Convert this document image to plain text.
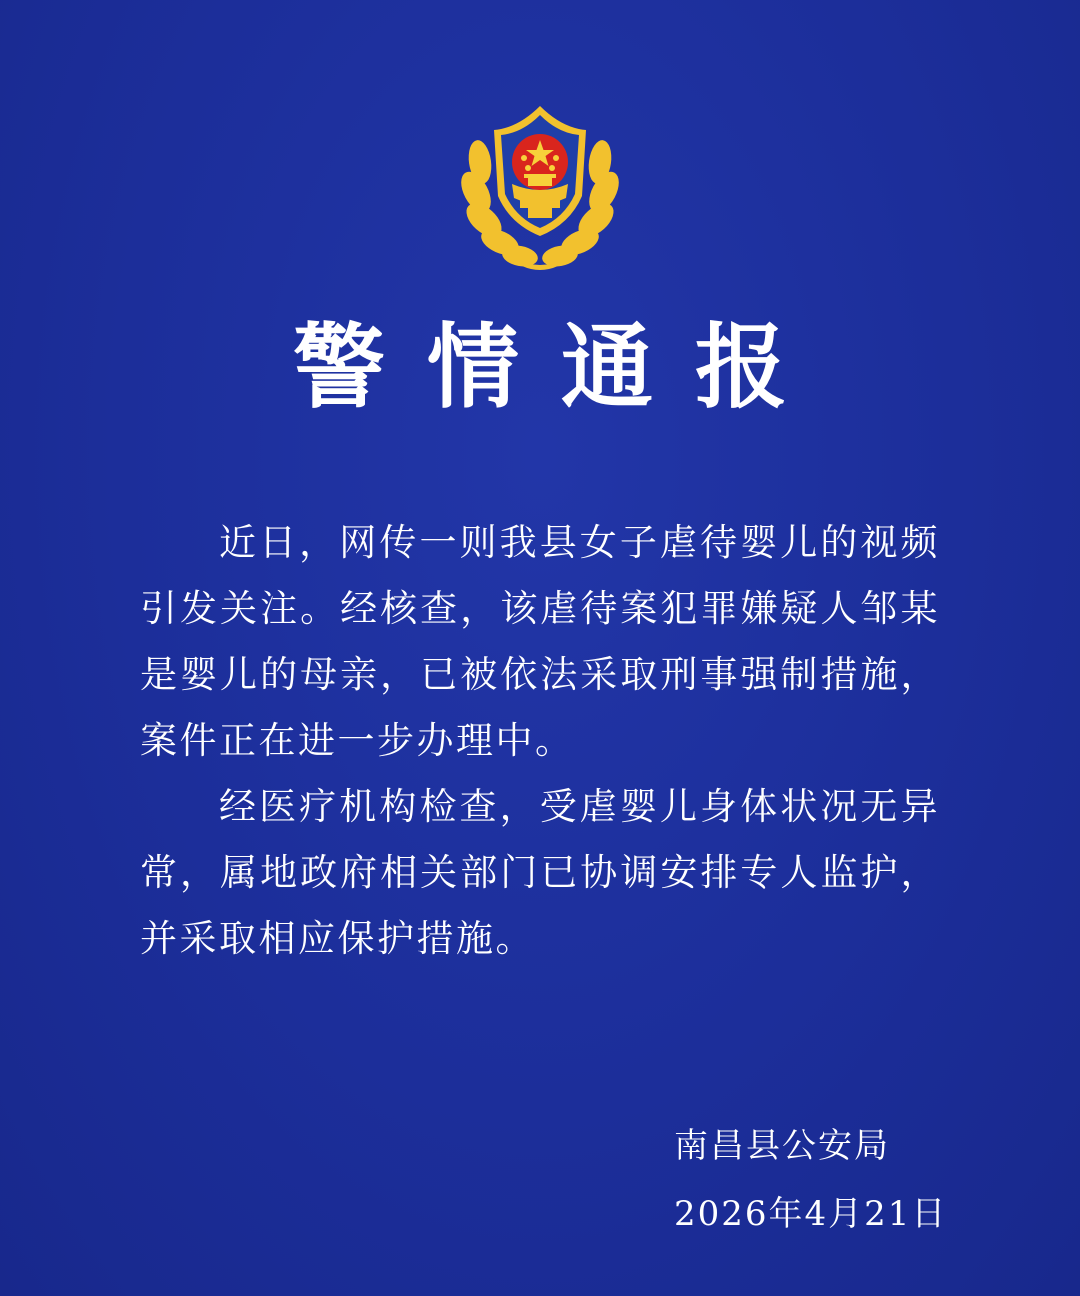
警情通报

近日，网传一则我县女子虐待婴儿的视频引发关注。经核查，该虐待案犯罪嫌疑人邹某是婴儿的母亲，已被依法采取刑事强制措施，案件正在进一步办理中。

经医疗机构检查，受虐婴儿身体状况无异常，属地政府相关部门已协调安排专人监护，并采取相应保护措施。

南昌县公安局

2026年4月21日
